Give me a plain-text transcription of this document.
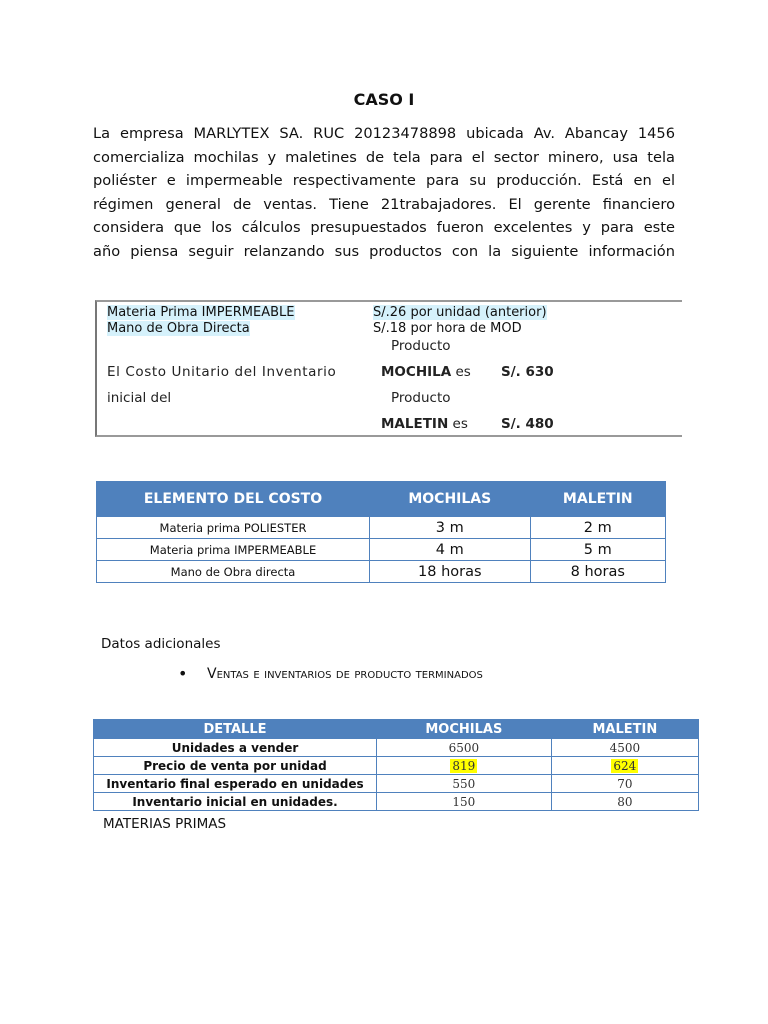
CASO I
La empresa MARLYTEX SA. RUC 20123478898 ubicada Av. Abancay 1456
comercializa mochilas y maletines de tela para el sector minero, usa tela
poliéster e impermeable respectivamente para su producción. Está en el
régimen general de ventas. Tiene 21trabajadores. El gerente financiero
considera que los cálculos presupuestados fueron excelentes y para este
año piensa seguir relanzando sus productos con la siguiente información
Materia Prima IMPERMEABLE	S/.26 por unidad (anterior)
Mano de Obra Directa	S/.18 por hora de MOD
Producto
El Costo Unitario del Inventario
inicial del
MOCHILA es S/. 630
Producto
MALETIN es S/. 480
ELEMENTO DEL COSTO	MOCHILAS	MALETIN
Materia prima POLIESTER	3 m	2 m
Materia prima IMPERMEABLE	4 m	5 m
Mano de Obra directa	18 horas	8 horas
Datos adicionales
• Ventas e inventarios de producto terminados
DETALLE	MOCHILAS	MALETIN
Unidades a vender	6500	4500
Precio de venta por unidad	819	624
Inventario final esperado en unidades	550	70
Inventario inicial en unidades.	150	80
MATERIAS PRIMAS
